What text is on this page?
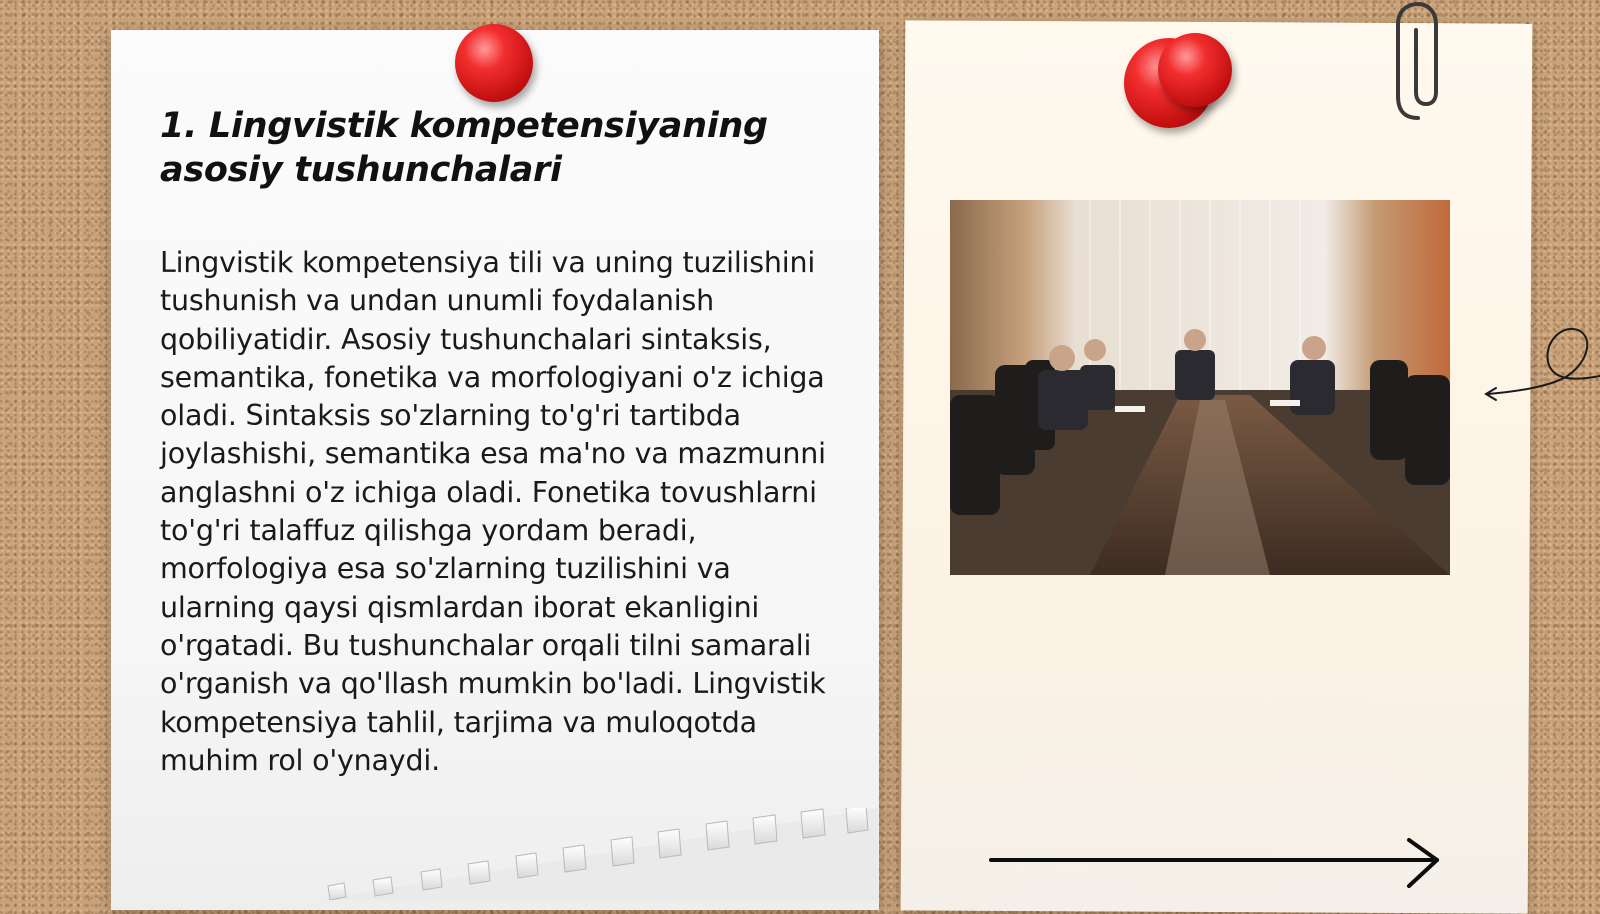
1. Lingvistik kompetensiyaning asosiy tushunchalari

Lingvistik kompetensiya tili va uning tuzilishini tushunish va undan unumli foydalanish qobiliyatidir. Asosiy tushunchalari sintaksis, semantika, fonetika va morfologiyani o'z ichiga oladi. Sintaksis so'zlarning to'g'ri tartibda joylashishi, semantika esa ma'no va mazmunni anglashni o'z ichiga oladi. Fonetika tovushlarni to'g'ri talaffuz qilishga yordam beradi, morfologiya esa so'zlarning tuzilishini va ularning qaysi qismlardan iborat ekanligini o'rgatadi. Bu tushunchalar orqali tilni samarali o'rganish va qo'llash mumkin bo'ladi. Lingvistik kompetensiya tahlil, tarjima va muloqotda muhim rol o'ynaydi.
